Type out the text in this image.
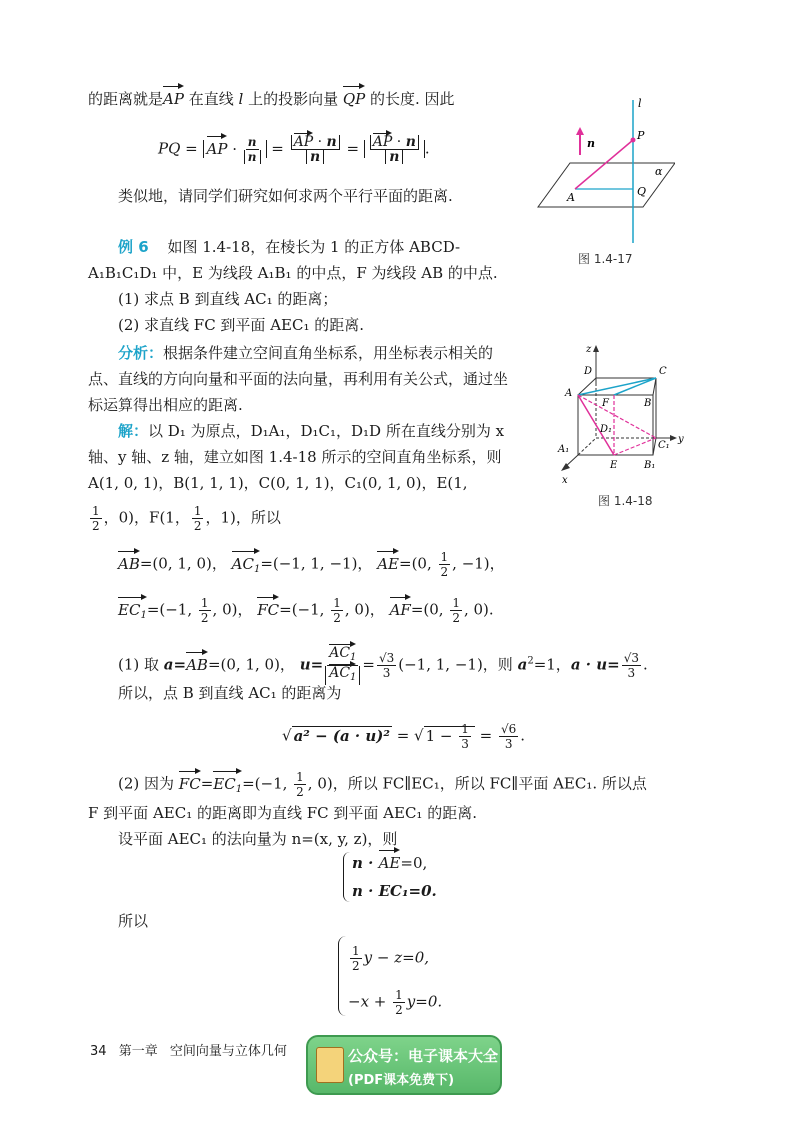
的距离就是AP 在直线 l 上的投影向量 QP 的长度. 因此
PQ = AP · $\frac{n}{n} = \frac{AP \cdot n}{n} = \frac{AP \cdot n}{n}$ .
类似地，请同学们研究如何求两个平行平面的距离.
l
P
n
α
A	Q
图 1.4-17
例 6 如图 1.4-18，在棱长为 1 的正方体 ABCD-
A₁B₁C₁D₁ 中，E 为线段 A₁B₁ 的中点，F 为线段 AB 的中点.
(1) 求点 B 到直线 AC₁ 的距离；
(2) 求直线 FC 到平面 AEC₁ 的距离.
分析：根据条件建立空间直角坐标系，用坐标表示相关的
点、直线的方向向量和平面的法向量，再利用有关公式，通过坐
标运算得出相应的距离.
z
D	C
A
F	B
D₁
C₁
y
A₁
E	B₁
x
图 1.4-18
解：以 D₁ 为原点，D₁A₁，D₁C₁，D₁D 所在直线分别为 x
轴、y 轴、z 轴，建立如图 1.4-18 所示的空间直角坐标系，则
A(1, 0, 1)，B(1, 1, 1)，C(0, 1, 1)，C₁(0, 1, 0)，E(1,
$\frac{1}{2}$ ，0)，F(1， $\frac{1}{2}$ ，1)，所以
AB=(0, 1, 0)， $AC_1=(-1$, 1, −1)， AE=(0, $\frac{1}{2}$ , −1)，
$EC_1=(-1$, $\frac{1}{2}$ , 0)， FC=(−1, $\frac{1}{2}$ , 0)， AF=(0, $\frac{1}{2}$ , 0).
(1) 取 a=AB=(0, 1, 0)， $u= \frac{AC_1}{AC_1} = \frac{√3}{3} (-1$, 1, −1)，则 $a^2=1$，$a \cdot u= \frac{√3}{3}$ .
所以，点 B 到直线 AC₁ 的距离为
√ a² − (a · u)² = √ $1 - \frac{1}{3} = \frac{√6}{3}$ .
(2) 因为 $FC=EC_1=(-1$, $\frac{1}{2}$ , 0)，所以 FC∥EC₁，所以 FC∥平面 AEC₁. 所以点
F 到平面 AEC₁ 的距离即为直线 FC 到平面 AEC₁ 的距离.
设平面 AEC₁ 的法向量为 n=(x, y, z)，则
n · AE=0,
n · EC₁=0.
所以
$\frac{1}{2}$ y − z=0,
$-x + \frac{1}{2} y=0$.
34 第一章 空间向量与立体几何	公众号：电子课本大全
(PDF课本免费下)
